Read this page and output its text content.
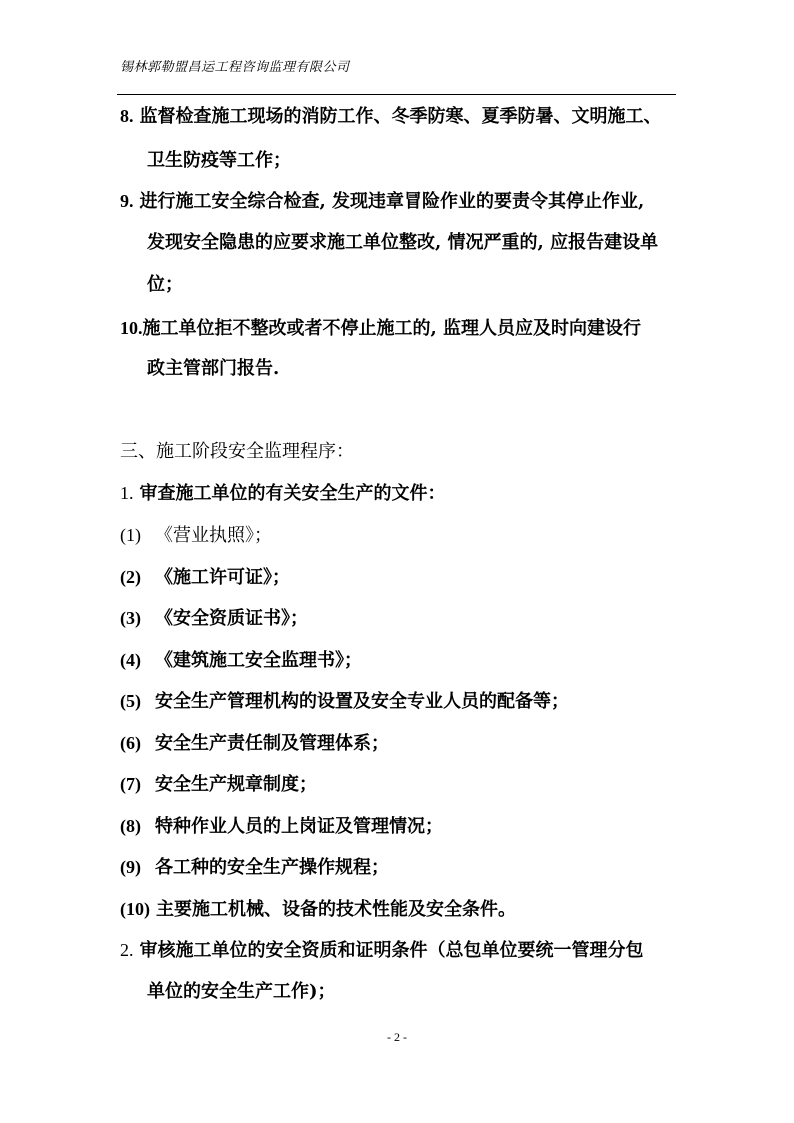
锡林郭勒盟昌运工程咨询监理有限公司
8. 监督检查施工现场的消防工作、冬季防寒、夏季防暑、文明施工、
卫生防疫等工作；
9. 进行施工安全综合检查, 发现违章冒险作业的要责令其停止作业,
发现安全隐患的应要求施工单位整改, 情况严重的, 应报告建设单
位；
10.施工单位拒不整改或者不停止施工的, 监理人员应及时向建设行
政主管部门报告.
三、施工阶段安全监理程序：
1. 审查施工单位的有关安全生产的文件：
(1) 《营业执照》；
(2) 《施工许可证》；
(3) 《安全资质证书》；
(4) 《建筑施工安全监理书》；
(5) 安全生产管理机构的设置及安全专业人员的配备等；
(6) 安全生产责任制及管理体系；
(7) 安全生产规章制度；
(8) 特种作业人员的上岗证及管理情况；
(9) 各工种的安全生产操作规程；
(10) 主要施工机械、设备的技术性能及安全条件。
2. 审核施工单位的安全资质和证明条件（总包单位要统一管理分包
单位的安全生产工作)；
- 2 -
